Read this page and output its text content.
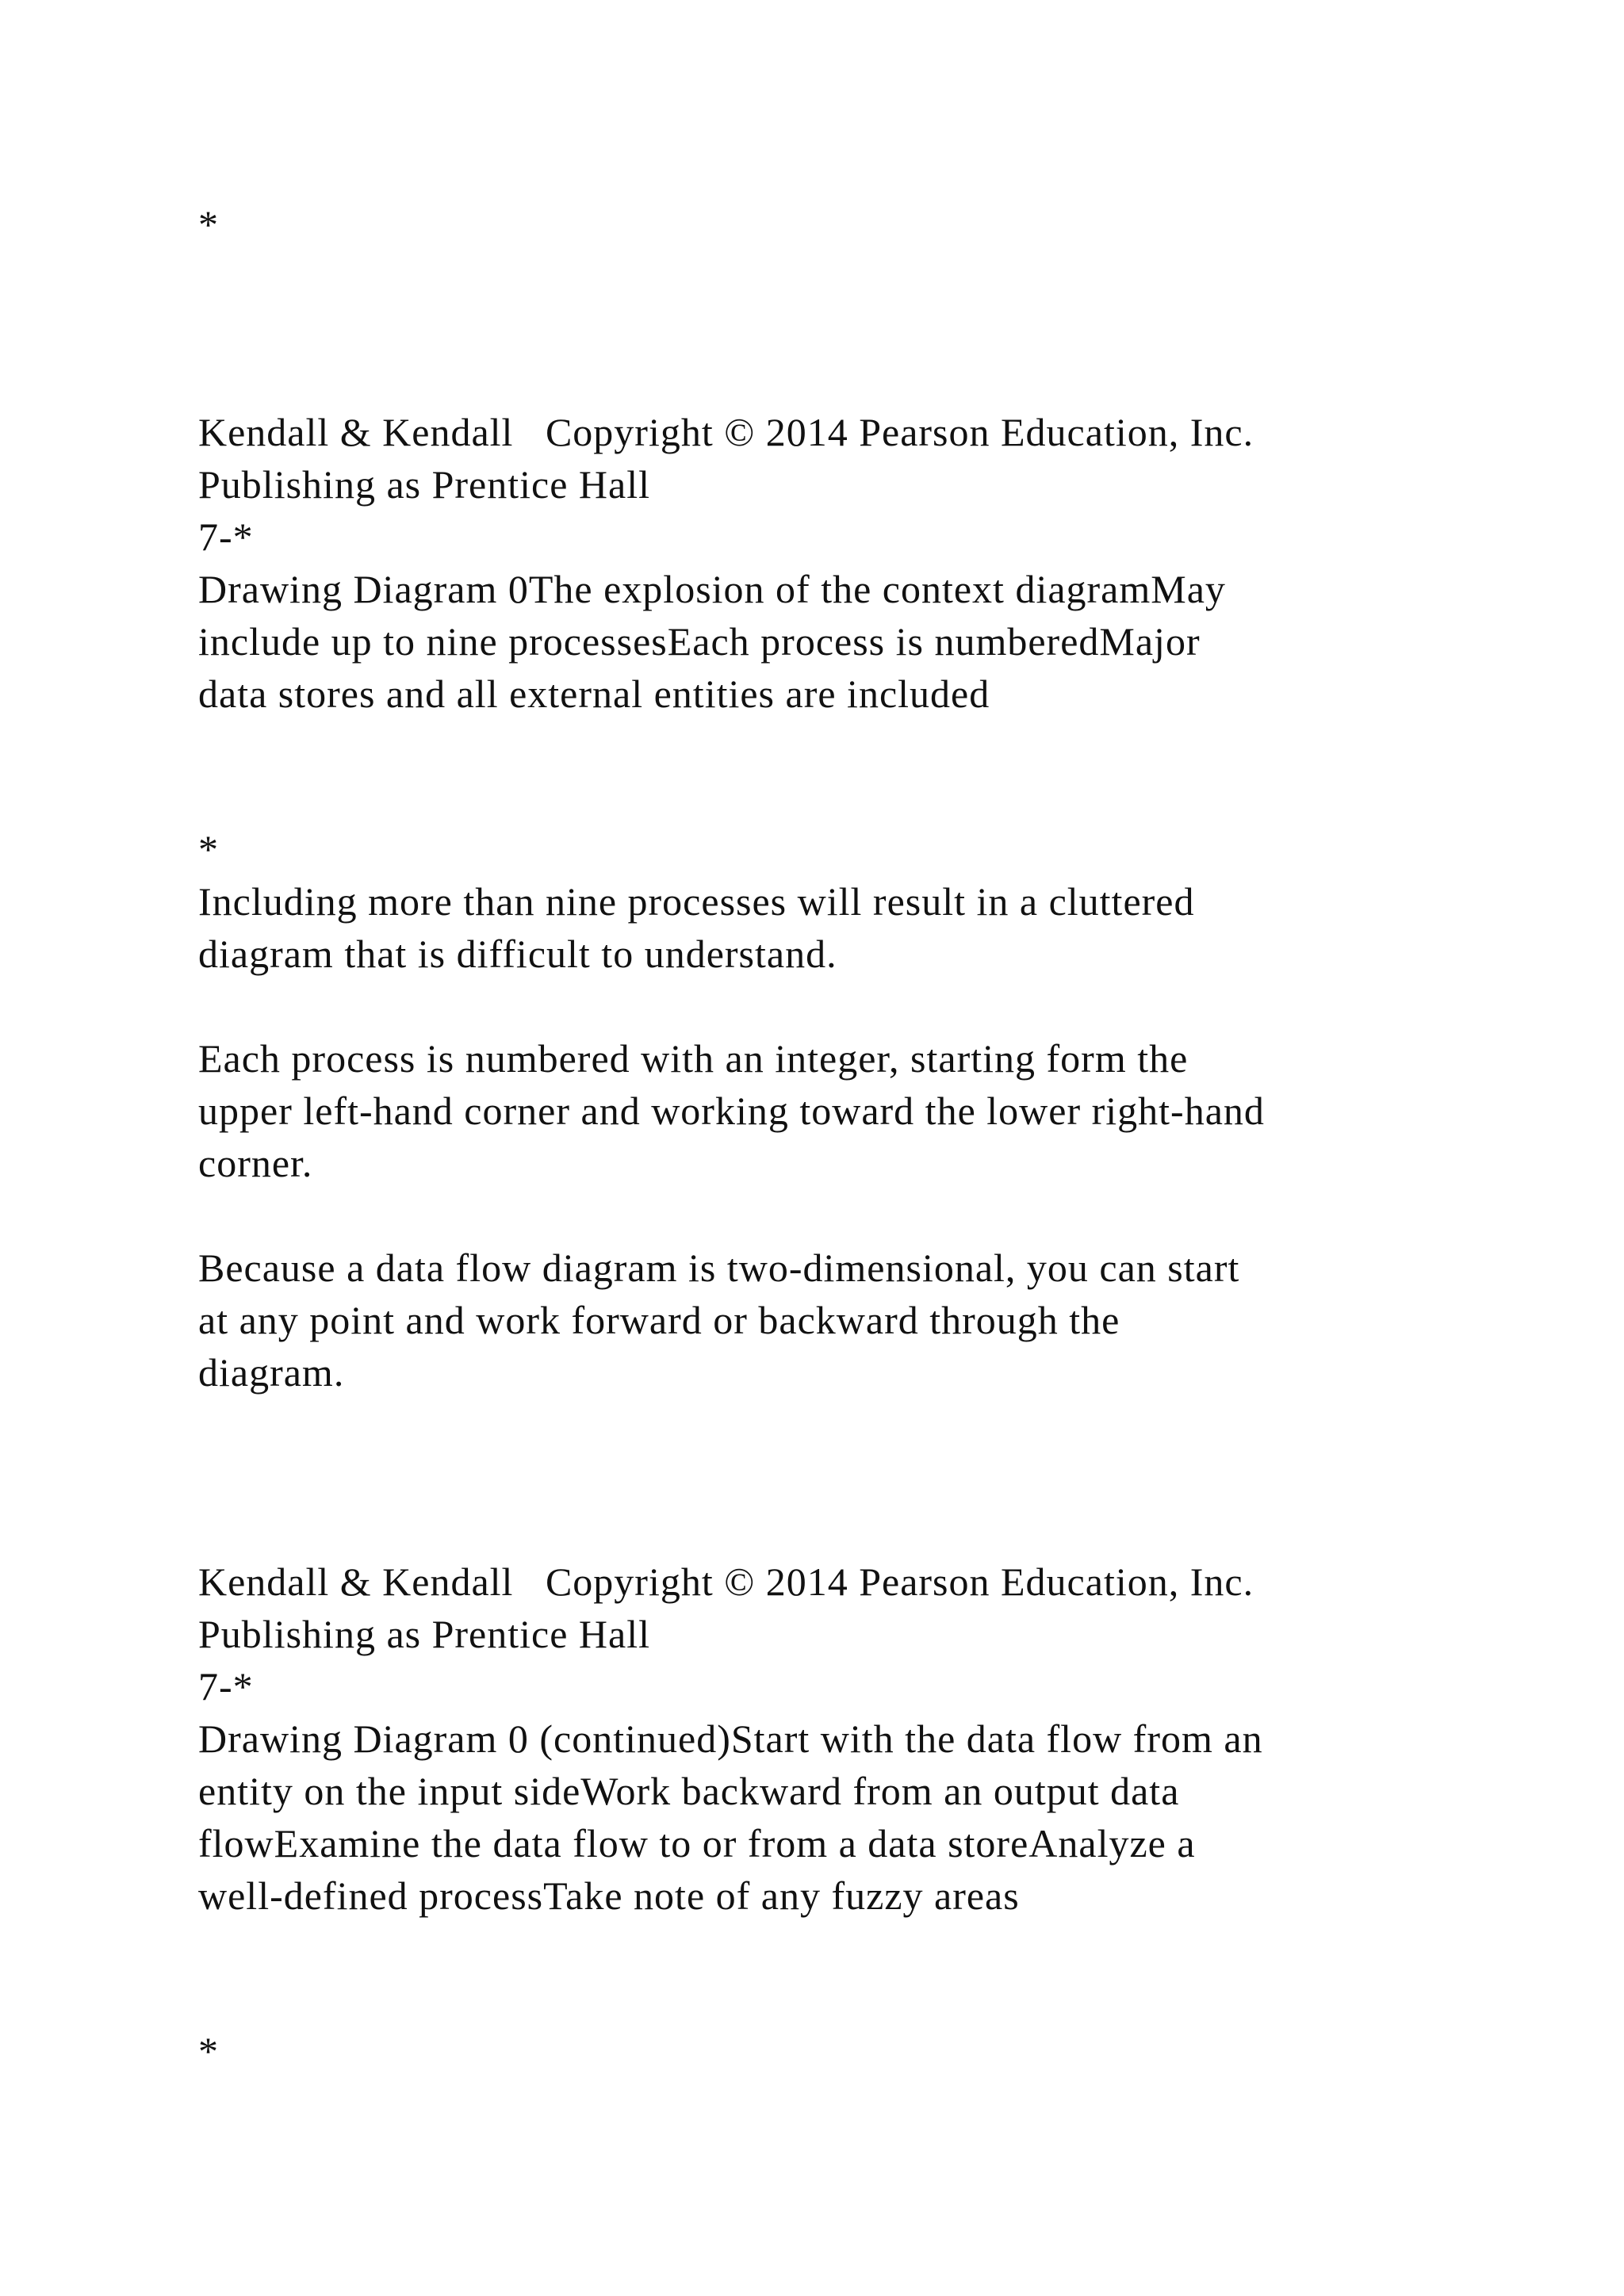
*
Kendall & Kendall   Copyright © 2014 Pearson Education, Inc.
Publishing as Prentice Hall
7-*
Drawing Diagram 0The explosion of the context diagramMay
include up to nine processesEach process is numberedMajor
data stores and all external entities are included
*
Including more than nine processes will result in a cluttered
diagram that is difficult to understand.
Each process is numbered with an integer, starting form the
upper left-hand corner and working toward the lower right-hand
corner.
Because a data flow diagram is two-dimensional, you can start
at any point and work forward or backward through the
diagram.
Kendall & Kendall   Copyright © 2014 Pearson Education, Inc.
Publishing as Prentice Hall
7-*
Drawing Diagram 0 (continued)Start with the data flow from an
entity on the input sideWork backward from an output data
flowExamine the data flow to or from a data storeAnalyze a
well-defined processTake note of any fuzzy areas
*
